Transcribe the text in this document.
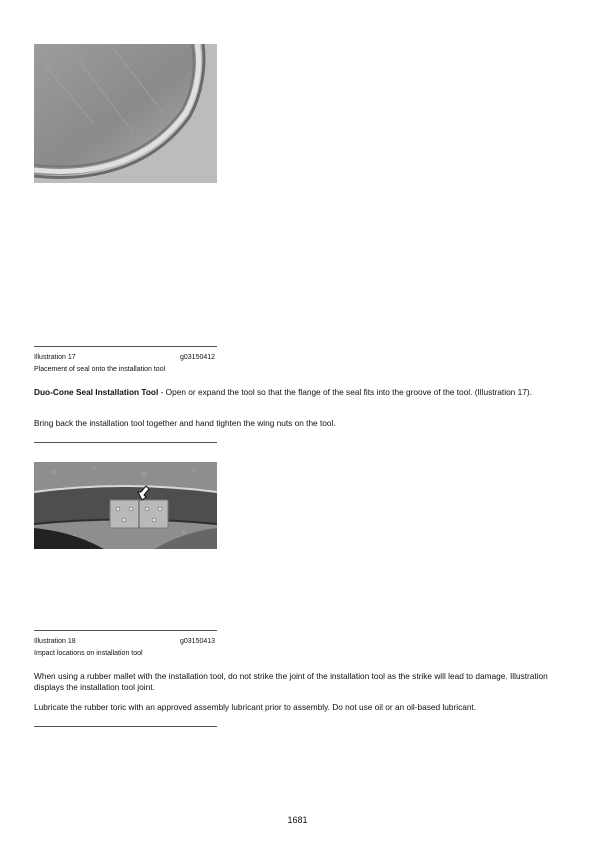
Illustration 17	g03150412
Placement of seal onto the installation tool
Duo-Cone Seal Installation Tool - Open or expand the tool so that the flange of the seal fits into the groove of the tool. (Illustration 17).
Bring back the installation tool together and hand tighten the wing nuts on the tool.
Illustration 18	g03150413
Impact locations on installation tool
When using a rubber mallet with the installation tool, do not strike the joint of the installation tool as the strike will lead to damage. Illustration displays the installation tool joint.
Lubricate the rubber toric with an approved assembly lubricant prior to assembly. Do not use oil or an oil-based lubricant.
1681
